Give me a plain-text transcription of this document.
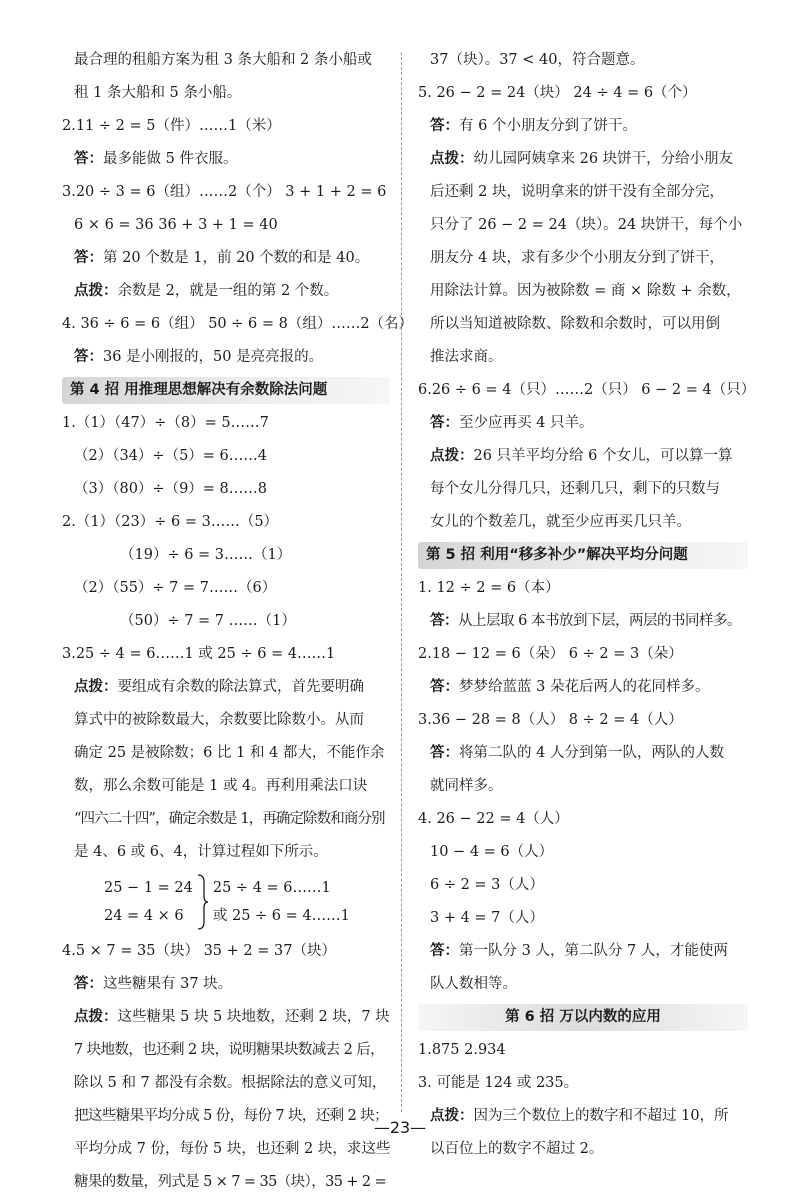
最合理的租船方案为租 3 条大船和 2 条小船或
租 1 条大船和 5 条小船。
2.11 ÷ 2 = 5（件）……1（米）
答：最多能做 5 件衣服。
3.20 ÷ 3 = 6（组）……2（个） 3 + 1 + 2 = 6
6 × 6 = 36 36 + 3 + 1 = 40
答：第 20 个数是 1，前 20 个数的和是 40。
点拨：余数是 2，就是一组的第 2 个数。
4. 36 ÷ 6 = 6（组） 50 ÷ 6 = 8（组）……2（名）
答：36 是小刚报的，50 是亮亮报的。
第 4 招 用推理思想解决有余数除法问题
1.（1）（47）÷（8）= 5……7
（2）（34）÷（5）= 6……4
（3）（80）÷（9）= 8……8
2.（1）（23）÷ 6 = 3……（5）
（19）÷ 6 = 3……（1）
（2）（55）÷ 7 = 7……（6）
（50）÷ 7 = 7 ……（1）
3.25 ÷ 4 = 6……1 或 25 ÷ 6 = 4……1
点拨：要组成有余数的除法算式，首先要明确
算式中的被除数最大，余数要比除数小。从而
确定 25 是被除数；6 比 1 和 4 都大，不能作余
数，那么余数可能是 1 或 4。再利用乘法口诀
“四六二十四”，确定余数是 1，再确定除数和商分别
是 4、6 或 6、4，计算过程如下所示。
25 − 1 = 24
24 = 4 × 6
25 ÷ 4 = 6……1
或 25 ÷ 6 = 4……1
4.5 × 7 = 35（块） 35 + 2 = 37（块）
答：这些糖果有 37 块。
点拨：这些糖果 5 块 5 块地数，还剩 2 块，7 块
7 块地数，也还剩 2 块，说明糖果块数减去 2 后，
除以 5 和 7 都没有余数。根据除法的意义可知，
把这些糖果平均分成 5 份，每份 7 块，还剩 2 块；
平均分成 7 份，每份 5 块，也还剩 2 块，求这些
糖果的数量，列式是 5 × 7 = 35（块），35 + 2 =
37（块）。37 < 40，符合题意。
5. 26 − 2 = 24（块） 24 ÷ 4 = 6（个）
答：有 6 个小朋友分到了饼干。
点拨：幼儿园阿姨拿来 26 块饼干，分给小朋友
后还剩 2 块，说明拿来的饼干没有全部分完，
只分了 26 − 2 = 24（块）。24 块饼干，每个小
朋友分 4 块，求有多少个小朋友分到了饼干，
用除法计算。因为被除数 = 商 × 除数 + 余数，
所以当知道被除数、除数和余数时，可以用倒
推法求商。
6.26 ÷ 6 = 4（只）……2（只） 6 − 2 = 4（只）
答：至少应再买 4 只羊。
点拨：26 只羊平均分给 6 个女儿，可以算一算
每个女儿分得几只，还剩几只，剩下的只数与
女儿的个数差几，就至少应再买几只羊。
第 5 招 利用“移多补少”解决平均分问题
1. 12 ÷ 2 = 6（本）
答：从上层取 6 本书放到下层，两层的书同样多。
2.18 − 12 = 6（朵） 6 ÷ 2 = 3（朵）
答：梦梦给蓝蓝 3 朵花后两人的花同样多。
3.36 − 28 = 8（人） 8 ÷ 2 = 4（人）
答：将第二队的 4 人分到第一队，两队的人数
就同样多。
4. 26 − 22 = 4（人）
10 − 4 = 6（人）
6 ÷ 2 = 3（人）
3 + 4 = 7（人）
答：第一队分 3 人，第二队分 7 人，才能使两
队人数相等。
第 6 招 万以内数的应用
1.875 2.934
3. 可能是 124 或 235。
点拨：因为三个数位上的数字和不超过 10，所
以百位上的数字不超过 2。
—23—
